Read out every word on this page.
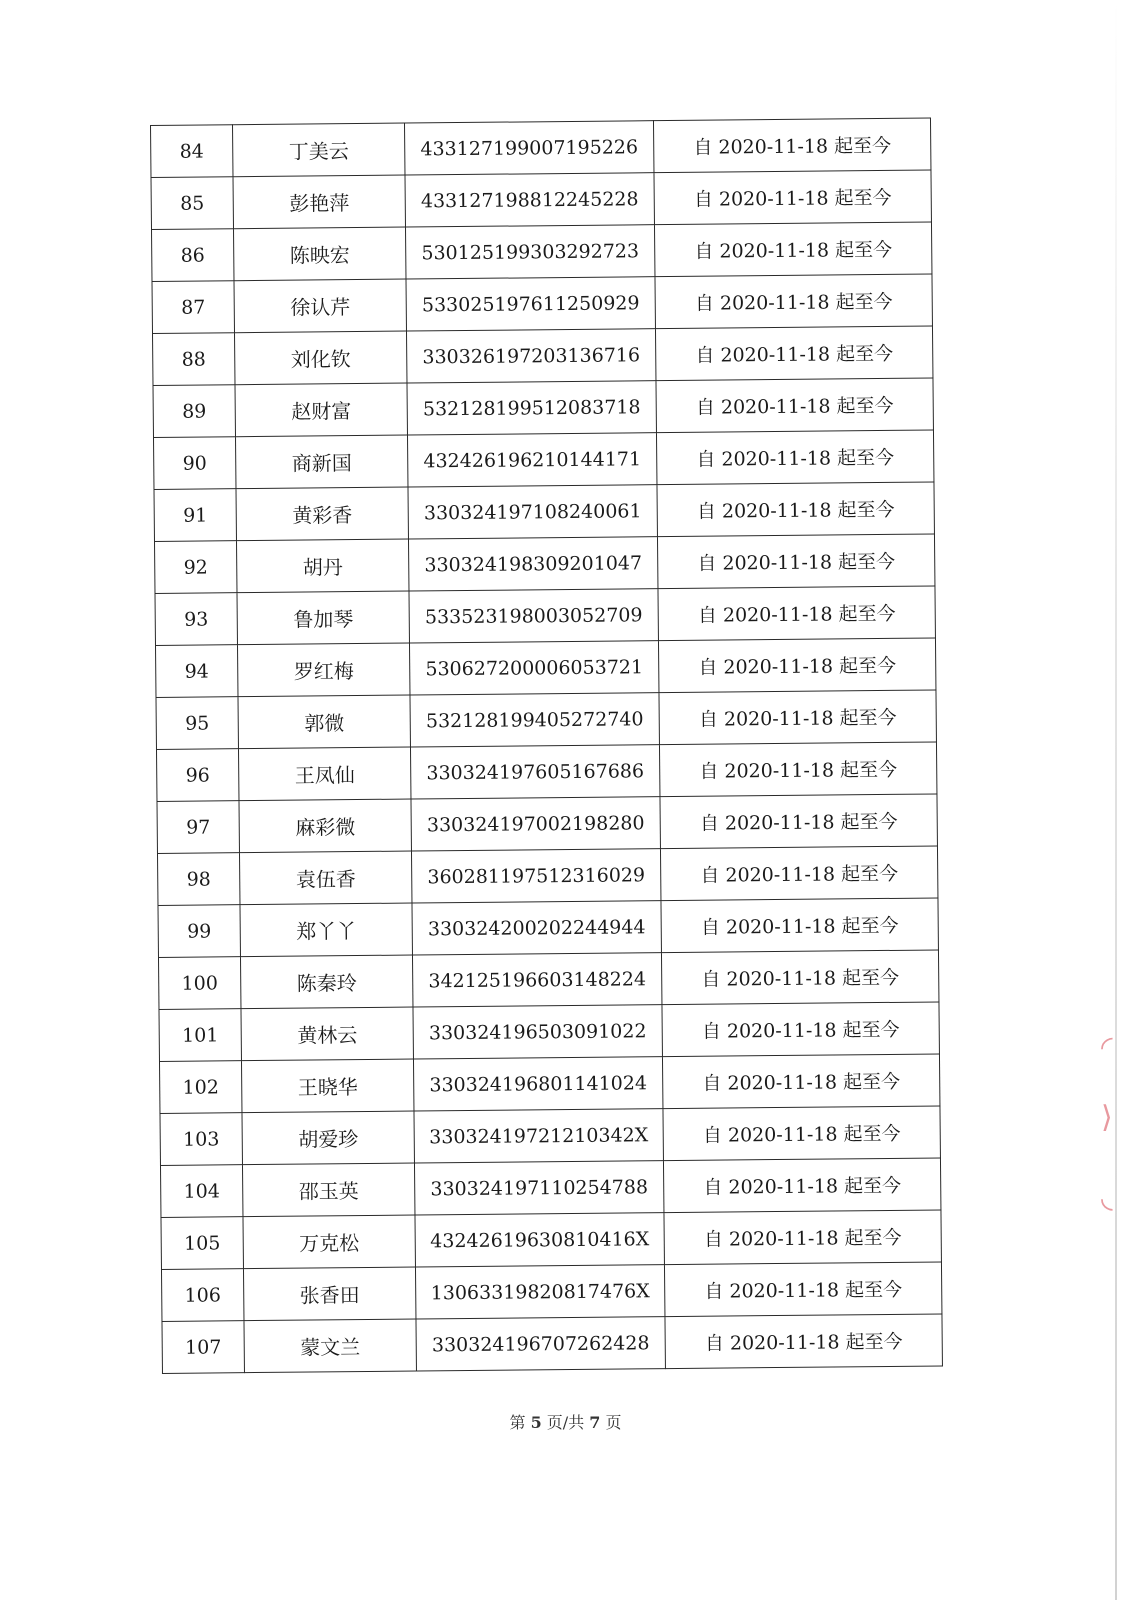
84	丁美云	433127199007195226	自 2020-11-18 起至今
85	彭艳萍	433127198812245228	自 2020-11-18 起至今
86	陈映宏	530125199303292723	自 2020-11-18 起至今
87	徐认芹	533025197611250929	自 2020-11-18 起至今
88	刘化钦	330326197203136716	自 2020-11-18 起至今
89	赵财富	532128199512083718	自 2020-11-18 起至今
90	商新国	432426196210144171	自 2020-11-18 起至今
91	黄彩香	330324197108240061	自 2020-11-18 起至今
92	胡丹	330324198309201047	自 2020-11-18 起至今
93	鲁加琴	533523198003052709	自 2020-11-18 起至今
94	罗红梅	530627200006053721	自 2020-11-18 起至今
95	郭微	532128199405272740	自 2020-11-18 起至今
96	王凤仙	330324197605167686	自 2020-11-18 起至今
97	麻彩微	330324197002198280	自 2020-11-18 起至今
98	袁伍香	360281197512316029	自 2020-11-18 起至今
99	郑丫丫	330324200202244944	自 2020-11-18 起至今
100	陈秦玲	342125196603148224	自 2020-11-18 起至今
101	黄林云	330324196503091022	自 2020-11-18 起至今
102	王晓华	330324196801141024	自 2020-11-18 起至今
103	胡爱珍	33032419721210342X	自 2020-11-18 起至今
104	邵玉英	330324197110254788	自 2020-11-18 起至今
105	万克松	43242619630810416X	自 2020-11-18 起至今
106	张香田	13063319820817476X	自 2020-11-18 起至今
107	蒙文兰	330324196707262428	自 2020-11-18 起至今
第 5 页/共 7 页
◜
⟩
◟
